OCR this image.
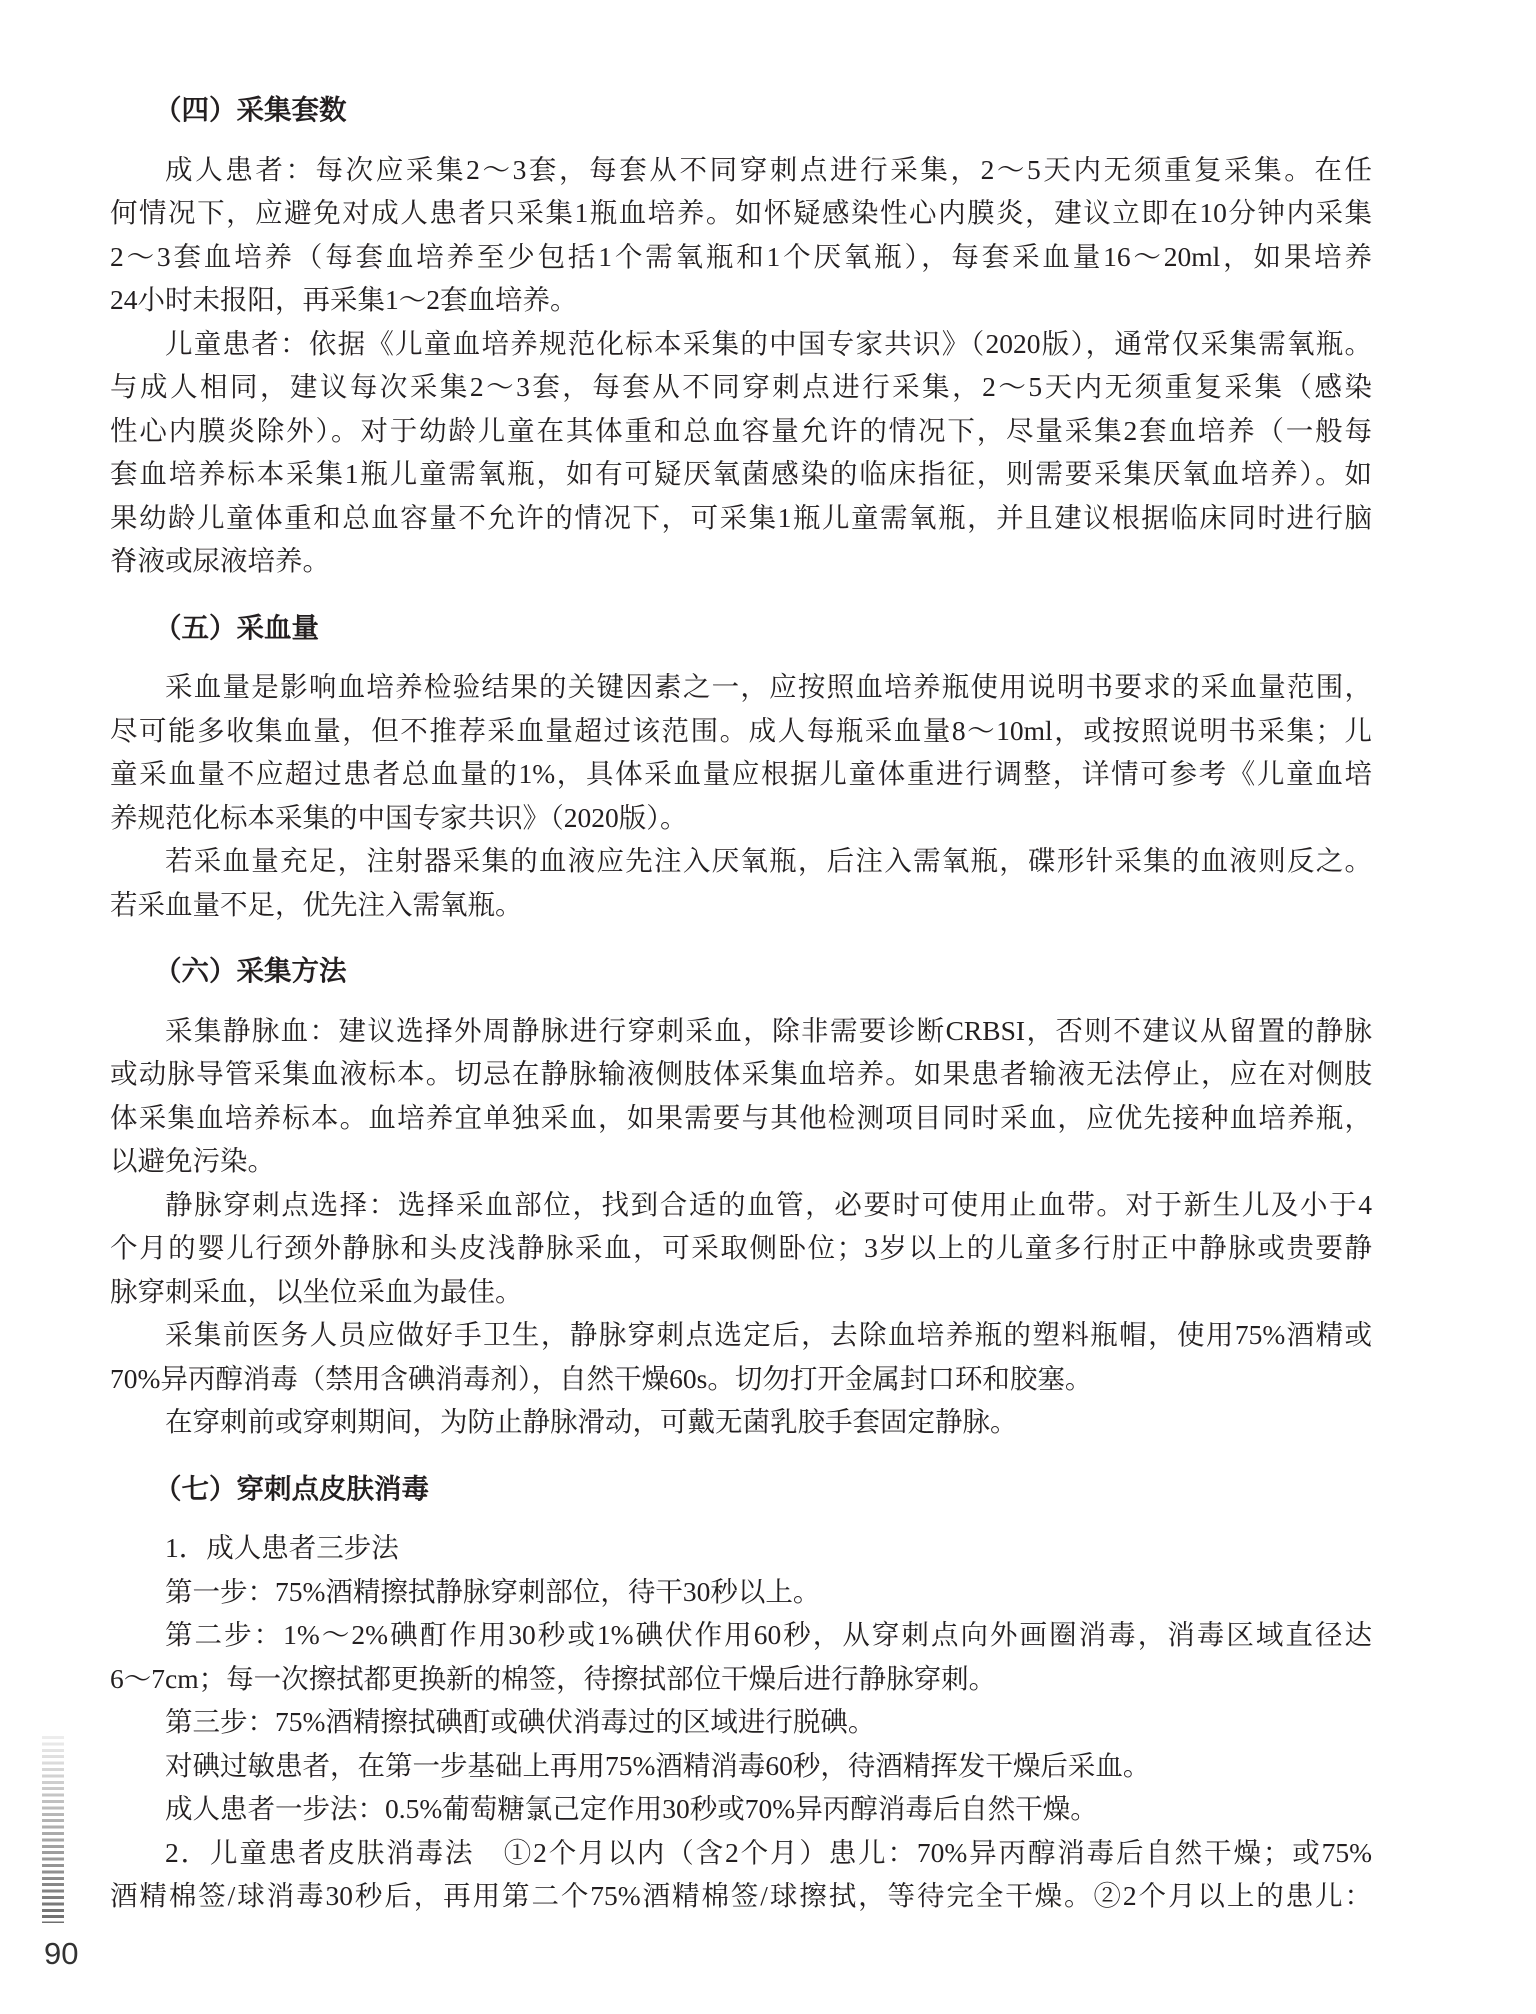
（四）采集套数
成人患者：每次应采集2～3套，每套从不同穿刺点进行采集，2～5天内无须重复采集。在任
何情况下，应避免对成人患者只采集1瓶血培养。如怀疑感染性心内膜炎，建议立即在10分钟内采集
2～3套血培养（每套血培养至少包括1个需氧瓶和1个厌氧瓶），每套采血量16～20ml，如果培养
24小时未报阳，再采集1～2套血培养。
儿童患者：依据《儿童血培养规范化标本采集的中国专家共识》（2020版），通常仅采集需氧瓶。
与成人相同，建议每次采集2～3套，每套从不同穿刺点进行采集，2～5天内无须重复采集（感染
性心内膜炎除外）。对于幼龄儿童在其体重和总血容量允许的情况下，尽量采集2套血培养（一般每
套血培养标本采集1瓶儿童需氧瓶，如有可疑厌氧菌感染的临床指征，则需要采集厌氧血培养）。如
果幼龄儿童体重和总血容量不允许的情况下，可采集1瓶儿童需氧瓶，并且建议根据临床同时进行脑
脊液或尿液培养。
（五）采血量
采血量是影响血培养检验结果的关键因素之一，应按照血培养瓶使用说明书要求的采血量范围，
尽可能多收集血量，但不推荐采血量超过该范围。成人每瓶采血量8～10ml，或按照说明书采集；儿
童采血量不应超过患者总血量的1%，具体采血量应根据儿童体重进行调整，详情可参考《儿童血培
养规范化标本采集的中国专家共识》（2020版）。
若采血量充足，注射器采集的血液应先注入厌氧瓶，后注入需氧瓶，碟形针采集的血液则反之。
若采血量不足，优先注入需氧瓶。
（六）采集方法
采集静脉血：建议选择外周静脉进行穿刺采血，除非需要诊断CRBSI，否则不建议从留置的静脉
或动脉导管采集血液标本。切忌在静脉输液侧肢体采集血培养。如果患者输液无法停止，应在对侧肢
体采集血培养标本。血培养宜单独采血，如果需要与其他检测项目同时采血，应优先接种血培养瓶，
以避免污染。
静脉穿刺点选择：选择采血部位，找到合适的血管，必要时可使用止血带。对于新生儿及小于4
个月的婴儿行颈外静脉和头皮浅静脉采血，可采取侧卧位；3岁以上的儿童多行肘正中静脉或贵要静
脉穿刺采血，以坐位采血为最佳。
采集前医务人员应做好手卫生，静脉穿刺点选定后，去除血培养瓶的塑料瓶帽，使用75%酒精或
70%异丙醇消毒（禁用含碘消毒剂），自然干燥60s。切勿打开金属封口环和胶塞。
在穿刺前或穿刺期间，为防止静脉滑动，可戴无菌乳胶手套固定静脉。
（七）穿刺点皮肤消毒
1．成人患者三步法
第一步：75%酒精擦拭静脉穿刺部位，待干30秒以上。
第二步：1%～2%碘酊作用30秒或1%碘伏作用60秒，从穿刺点向外画圈消毒，消毒区域直径达
6～7cm；每一次擦拭都更换新的棉签，待擦拭部位干燥后进行静脉穿刺。
第三步：75%酒精擦拭碘酊或碘伏消毒过的区域进行脱碘。
对碘过敏患者，在第一步基础上再用75%酒精消毒60秒，待酒精挥发干燥后采血。
成人患者一步法：0.5%葡萄糖氯己定作用30秒或70%异丙醇消毒后自然干燥。
2．儿童患者皮肤消毒法　①2个月以内（含2个月）患儿：70%异丙醇消毒后自然干燥；或75%
酒精棉签/球消毒30秒后，再用第二个75%酒精棉签/球擦拭，等待完全干燥。②2个月以上的患儿：
90
